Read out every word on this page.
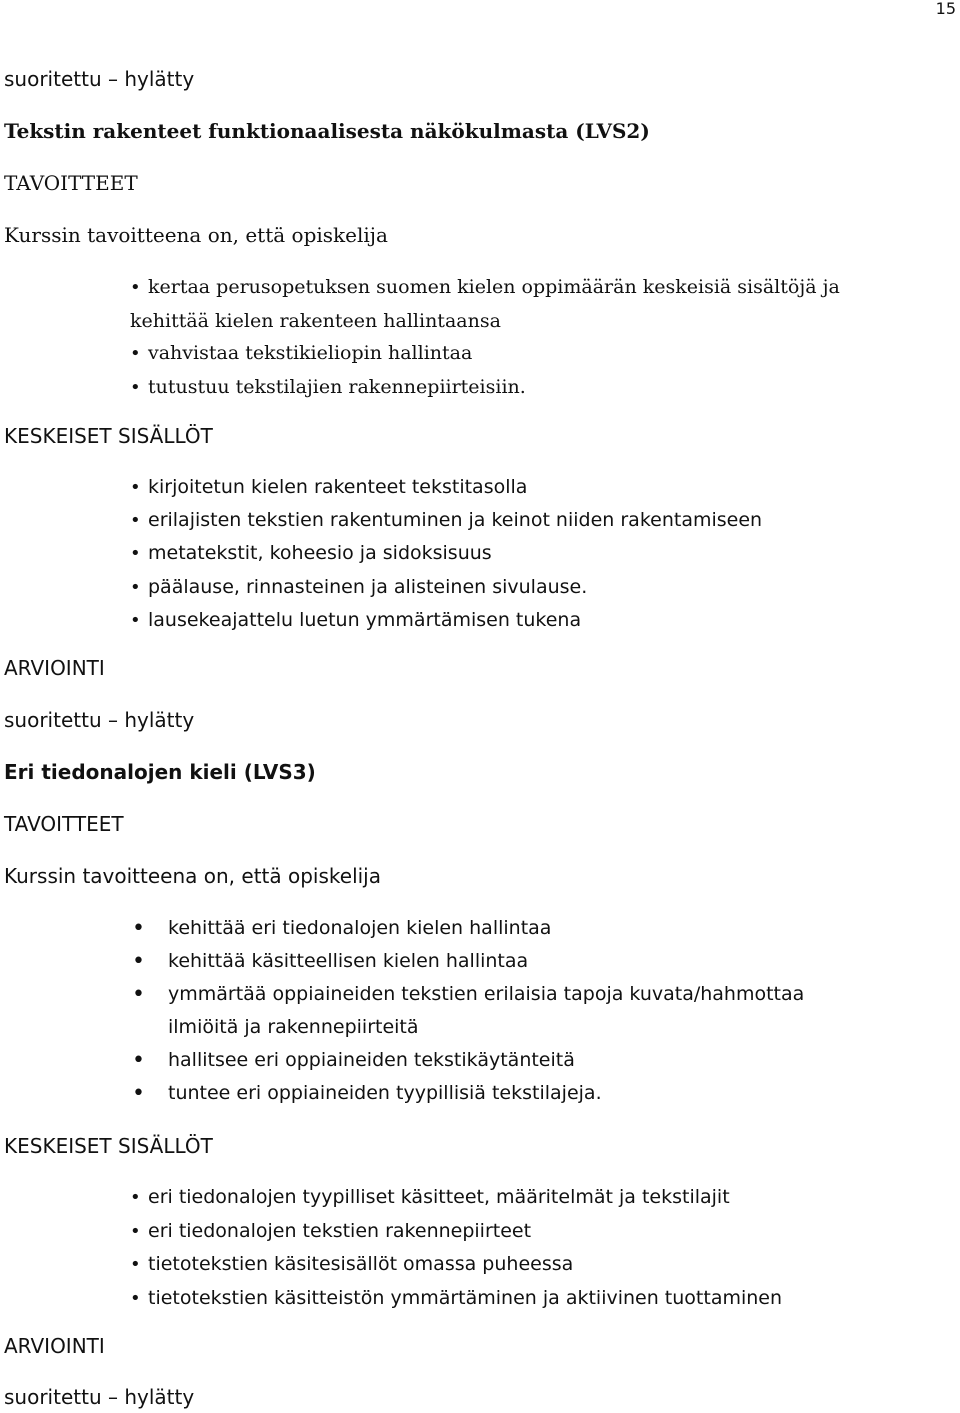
15
suoritettu – hylätty
Tekstin rakenteet funktionaalisesta näkökulmasta (LVS2)
TAVOITTEET
Kurssin tavoitteena on, että opiskelija
• kertaa perusopetuksen suomen kielen oppimäärän keskeisiä sisältöjä ja
kehittää kielen rakenteen hallintaansa
• vahvistaa tekstikieliopin hallintaa
• tutustuu tekstilajien rakennepiirteisiin.
KESKEISET SISÄLLÖT
• kirjoitetun kielen rakenteet tekstitasolla
• erilajisten tekstien rakentuminen ja keinot niiden rakentamiseen
• metatekstit, koheesio ja sidoksisuus
• päälause, rinnasteinen ja alisteinen sivulause.
• lausekeajattelu luetun ymmärtämisen tukena
ARVIOINTI
suoritettu – hylätty
Eri tiedonalojen kieli (LVS3)
TAVOITTEET
Kurssin tavoitteena on, että opiskelija
• kehittää eri tiedonalojen kielen hallintaa
• kehittää käsitteellisen kielen hallintaa
• ymmärtää oppiaineiden tekstien erilaisia tapoja kuvata/hahmottaa
ilmiöitä ja rakennepiirteitä
• hallitsee eri oppiaineiden tekstikäytänteitä
• tuntee eri oppiaineiden tyypillisiä tekstilajeja.
KESKEISET SISÄLLÖT
• eri tiedonalojen tyypilliset käsitteet, määritelmät ja tekstilajit
• eri tiedonalojen tekstien rakennepiirteet
• tietotekstien käsitesisällöt omassa puheessa
• tietotekstien käsitteistön ymmärtäminen ja aktiivinen tuottaminen
ARVIOINTI
suoritettu – hylätty
